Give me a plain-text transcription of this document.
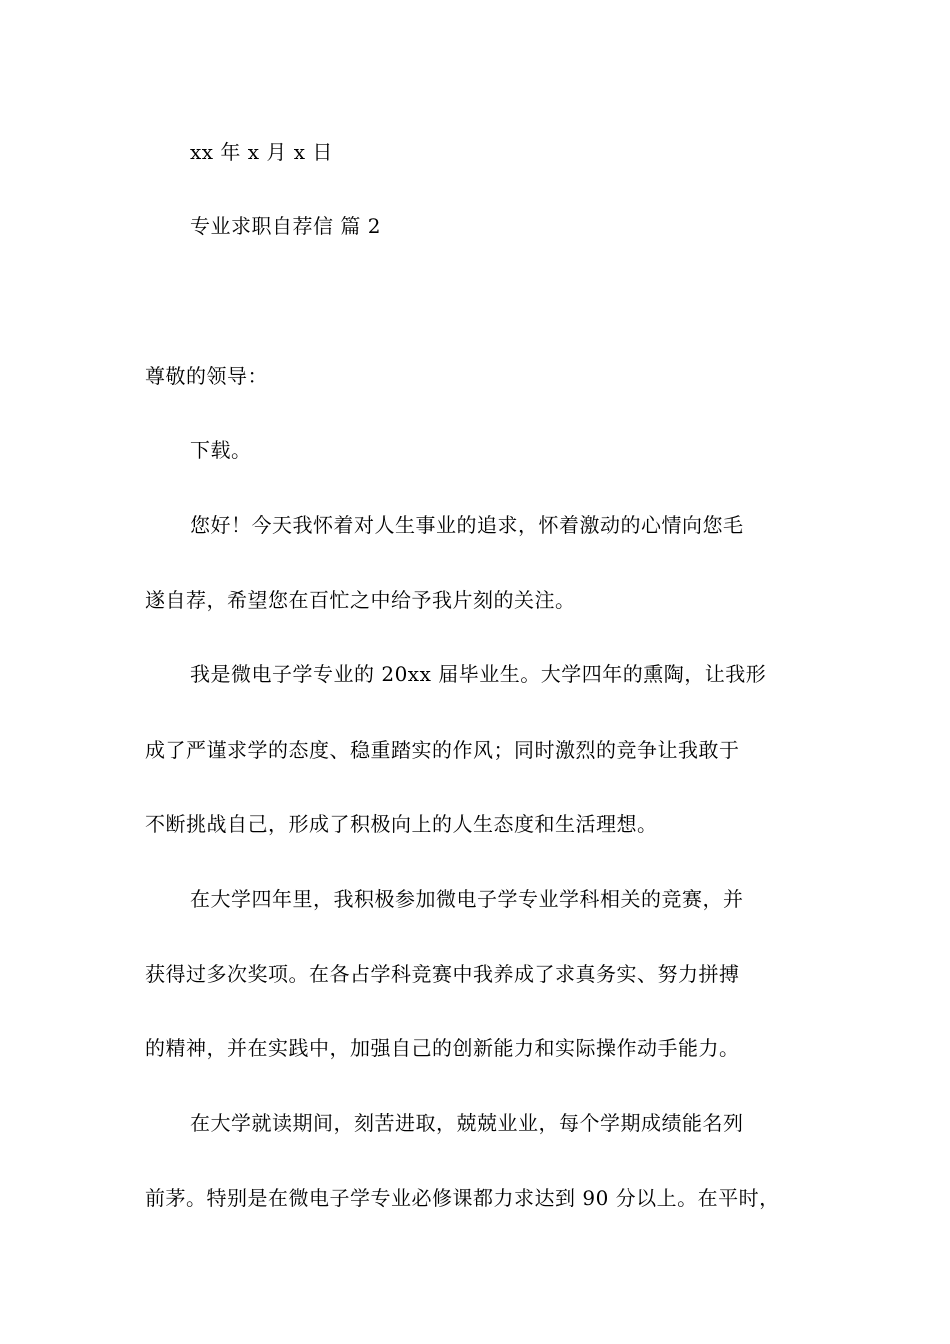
xx 年 x 月 x 日
专业求职自荐信 篇 2
尊敬的领导：
下载。
您好！今天我怀着对人生事业的追求，怀着激动的心情向您毛
遂自荐，希望您在百忙之中给予我片刻的关注。
我是微电子学专业的 20xx 届毕业生。大学四年的熏陶，让我形
成了严谨求学的态度、稳重踏实的作风；同时激烈的竞争让我敢于
不断挑战自己，形成了积极向上的人生态度和生活理想。
在大学四年里，我积极参加微电子学专业学科相关的竞赛，并
获得过多次奖项。在各占学科竞赛中我养成了求真务实、努力拼搏
的精神，并在实践中，加强自己的创新能力和实际操作动手能力。
在大学就读期间，刻苦进取，兢兢业业，每个学期成绩能名列
前茅。特别是在微电子学专业必修课都力求达到 90 分以上。在平时，
